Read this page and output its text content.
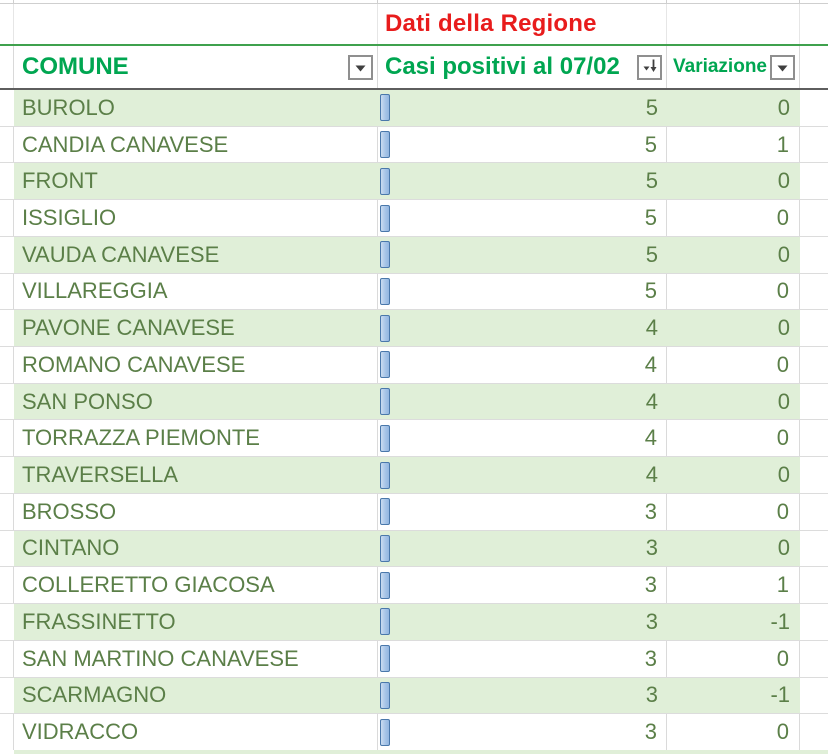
Dati della Regione
COMUNE	Casi positivi al 07/02	Variazione
BUROLO	5	0
CANDIA CANAVESE	5	1
FRONT	5	0
ISSIGLIO	5	0
VAUDA CANAVESE	5	0
VILLAREGGIA	5	0
PAVONE CANAVESE	4	0
ROMANO CANAVESE	4	0
SAN PONSO	4	0
TORRAZZA PIEMONTE	4	0
TRAVERSELLA	4	0
BROSSO	3	0
CINTANO	3	0
COLLERETTO GIACOSA	3	1
FRASSINETTO	3	-1
SAN MARTINO CANAVESE	3	0
SCARMAGNO	3	-1
VIDRACCO	3	0
